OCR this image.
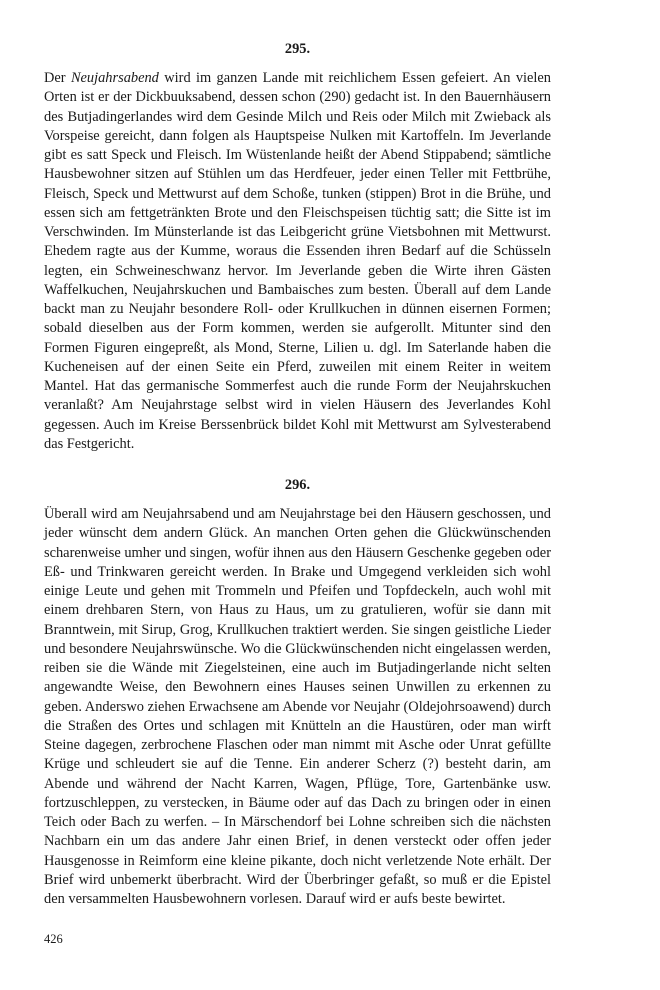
295.

Der Neujahrsabend wird im ganzen Lande mit reichlichem Essen gefeiert. An vielen Orten ist er der Dickbuuksabend, dessen schon (290) gedacht ist. In den Bauernhäusern des Butjadingerlandes wird dem Gesinde Milch und Reis oder Milch mit Zwieback als Vorspeise gereicht, dann folgen als Hauptspeise Nulken mit Kartoffeln. Im Jeverlande gibt es satt Speck und Fleisch. Im Wüstenlande heißt der Abend Stippabend; sämtliche Hausbewohner sitzen auf Stühlen um das Herdfeuer, jeder einen Teller mit Fettbrühe, Fleisch, Speck und Mettwurst auf dem Schoße, tunken (stippen) Brot in die Brühe, und essen sich am fettgetränkten Brote und den Fleischspeisen tüchtig satt; die Sitte ist im Verschwinden. Im Münsterlande ist das Leibgericht grüne Vietsbohnen mit Mettwurst. Ehedem ragte aus der Kumme, woraus die Essenden ihren Bedarf auf die Schüsseln legten, ein Schweineschwanz hervor. Im Jeverlande geben die Wirte ihren Gästen Waffelkuchen, Neujahrskuchen und Bambaisches zum besten. Überall auf dem Lande backt man zu Neujahr besondere Roll- oder Krullkuchen in dünnen eisernen Formen; sobald dieselben aus der Form kommen, werden sie aufgerollt. Mitunter sind den Formen Figuren eingepreßt, als Mond, Sterne, Lilien u. dgl. Im Saterlande haben die Kucheneisen auf der einen Seite ein Pferd, zuweilen mit einem Reiter in weitem Mantel. Hat das germanische Sommerfest auch die runde Form der Neujahrskuchen veranlaßt? Am Neujahrstage selbst wird in vielen Häusern des Jeverlandes Kohl gegessen. Auch im Kreise Berssenbrück bildet Kohl mit Mettwurst am Sylvesterabend das Festgericht.

296.

Überall wird am Neujahrsabend und am Neujahrstage bei den Häusern geschossen, und jeder wünscht dem andern Glück. An manchen Orten gehen die Glückwünschenden scharenweise umher und singen, wofür ihnen aus den Häusern Geschenke gegeben oder Eß- und Trinkwaren gereicht werden. In Brake und Umgegend verkleiden sich wohl einige Leute und gehen mit Trommeln und Pfeifen und Topfdeckeln, auch wohl mit einem drehbaren Stern, von Haus zu Haus, um zu gratulieren, wofür sie dann mit Branntwein, mit Sirup, Grog, Krullkuchen traktiert werden. Sie singen geistliche Lieder und besondere Neujahrswünsche. Wo die Glückwünschenden nicht eingelassen werden, reiben sie die Wände mit Ziegelsteinen, eine auch im Butjadingerlande nicht selten angewandte Weise, den Bewohnern eines Hauses seinen Unwillen zu erkennen zu geben. Anderswo ziehen Erwachsene am Abende vor Neujahr (Oldejohrsoawend) durch die Straßen des Ortes und schlagen mit Knütteln an die Haustüren, oder man wirft Steine dagegen, zerbrochene Flaschen oder man nimmt mit Asche oder Unrat gefüllte Krüge und schleudert sie auf die Tenne. Ein anderer Scherz (?) besteht darin, am Abende und während der Nacht Karren, Wagen, Pflüge, Tore, Gartenbänke usw. fortzuschleppen, zu verstecken, in Bäume oder auf das Dach zu bringen oder in einen Teich oder Bach zu werfen. – In Märschendorf bei Lohne schreiben sich die nächsten Nachbarn ein um das andere Jahr einen Brief, in denen versteckt oder offen jeder Hausgenosse in Reimform eine kleine pikante, doch nicht verletzende Note erhält. Der Brief wird unbemerkt überbracht. Wird der Überbringer gefaßt, so muß er die Epistel den versammelten Hausbewohnern vorlesen. Darauf wird er aufs beste bewirtet.

426
